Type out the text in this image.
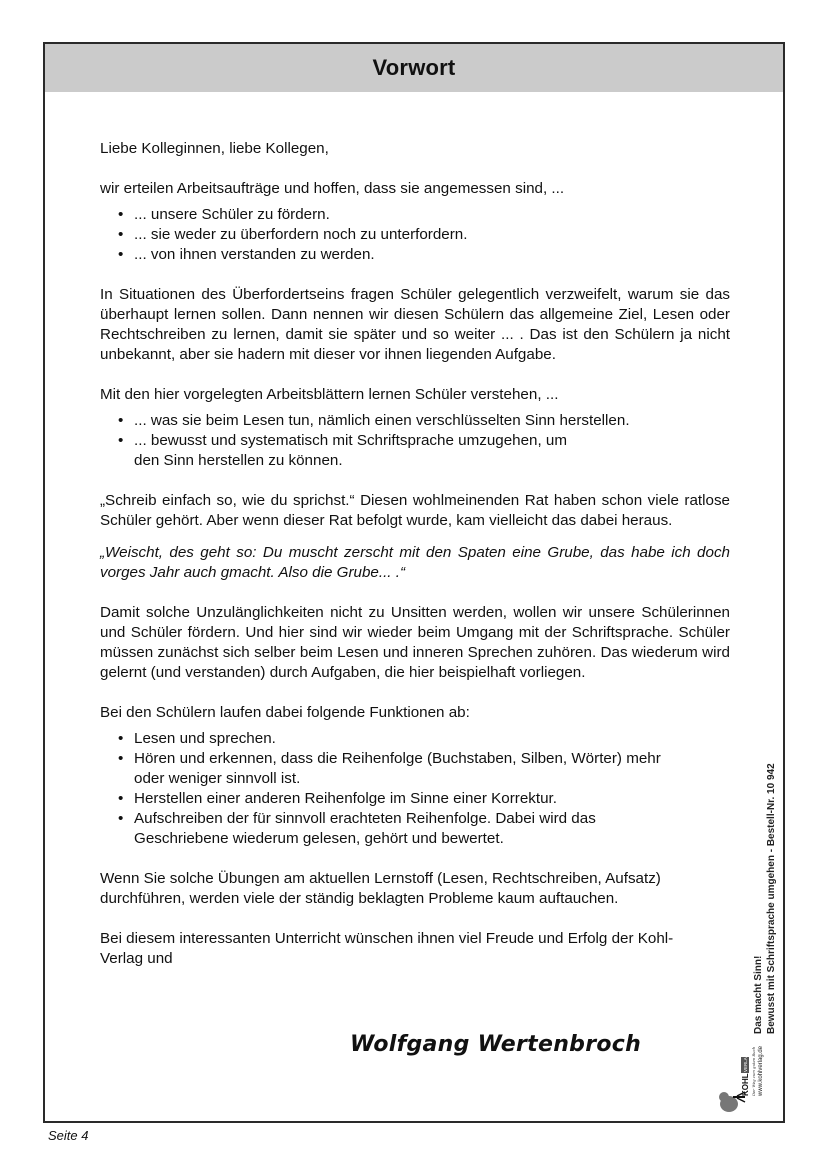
Vorwort

Liebe Kolleginnen, liebe Kollegen,

wir erteilen Arbeitsaufträge und hoffen, dass sie angemessen sind, ...

• ... unsere Schüler zu fördern.
• ... sie weder zu überfordern noch zu unterfordern.
• ... von ihnen verstanden zu werden.

In Situationen des Überfordertseins fragen Schüler gelegentlich verzweifelt, warum sie das überhaupt lernen sollen. Dann nennen wir diesen Schülern das allgemeine Ziel, Lesen oder Rechtschreiben zu lernen, damit sie später und so weiter ... . Das ist den Schülern ja nicht unbekannt, aber sie hadern mit dieser vor ihnen liegenden Aufgabe.

Mit den hier vorgelegten Arbeitsblättern lernen Schüler verstehen, ...

• ... was sie beim Lesen tun, nämlich einen verschlüsselten Sinn herstellen.
• ... bewusst und systematisch mit Schriftsprache umzugehen, um den Sinn herstellen zu können.

„Schreib einfach so, wie du sprichst.“ Diesen wohlmeinenden Rat haben schon viele ratlose Schüler gehört. Aber wenn dieser Rat befolgt wurde, kam vielleicht das dabei heraus.

„Weischt, des geht so: Du muscht zerscht mit den Spaten eine Grube, das habe ich doch vorges Jahr auch gmacht. Also die Grube... .“

Damit solche Unzulänglichkeiten nicht zu Unsitten werden, wollen wir unsere Schülerinnen und Schüler fördern. Und hier sind wir wieder beim Umgang mit der Schriftsprache. Schüler müssen zunächst sich selber beim Lesen und inneren Sprechen zuhören. Das wiederum wird gelernt (und verstanden) durch Aufgaben, die hier beispielhaft vorliegen.

Bei den Schülern laufen dabei folgende Funktionen ab:

• Lesen und sprechen.
• Hören und erkennen, dass die Reihenfolge (Buchstaben, Silben, Wörter) mehr oder weniger sinnvoll ist.
• Herstellen einer anderen Reihenfolge im Sinne einer Korrektur.
• Aufschreiben der für sinnvoll erachteten Reihenfolge. Dabei wird das Geschriebene wiederum gelesen, gehört und bewertet.

Wenn Sie solche Übungen am aktuellen Lernstoff (Lesen, Rechtschreiben, Aufsatz) durchführen, werden viele der ständig beklagten Probleme kaum auftauchen.

Bei diesem interessanten Unterricht wünschen ihnen viel Freude und Erfolg der Kohl-Verlag und

Wolfgang Wertenbroch
Das macht Sinn! Bewusst mit Schriftsprache umgehen - Bestell-Nr. 10 942
KOHL
VERLAG Der Weg zum guten Buch www.kohlverlag.de
Seite 4
